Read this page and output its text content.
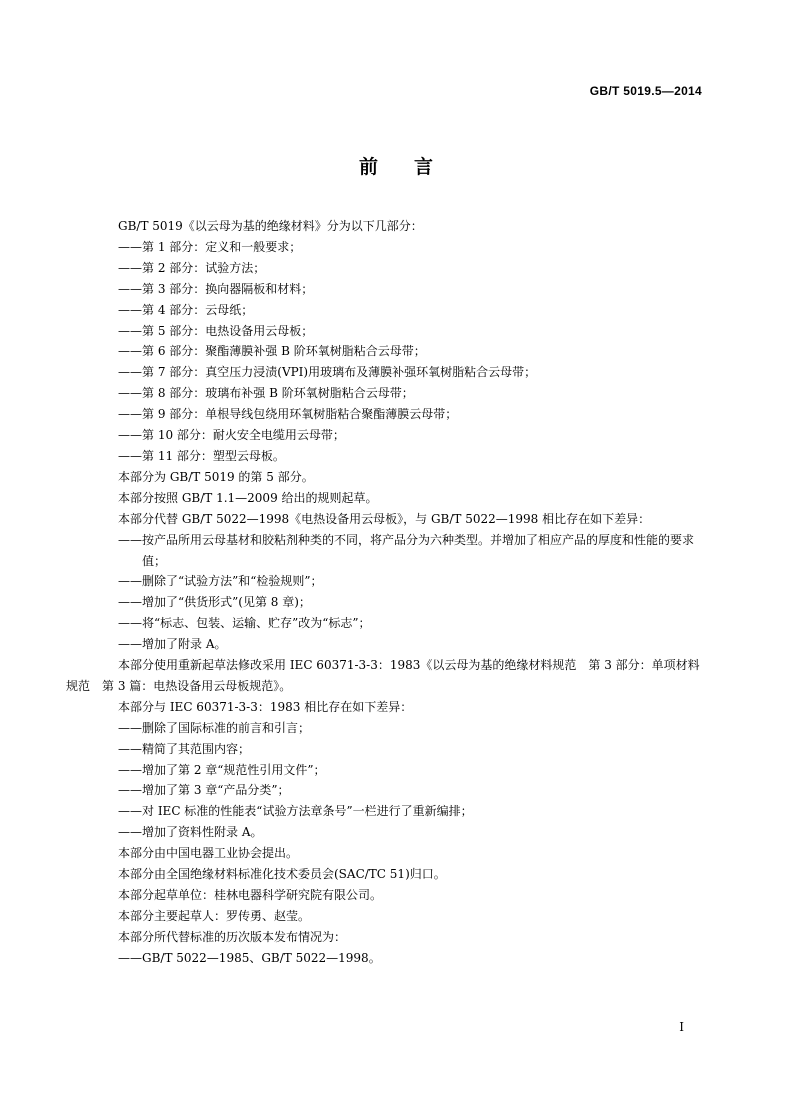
GB/T 5019.5—2014
前言

GB/T 5019《以云母为基的绝缘材料》分为以下几部分：

——第 1 部分：定义和一般要求；

——第 2 部分：试验方法；

——第 3 部分：换向器隔板和材料；

——第 4 部分：云母纸；

——第 5 部分：电热设备用云母板；

——第 6 部分：聚酯薄膜补强 B 阶环氧树脂粘合云母带；

——第 7 部分：真空压力浸渍(VPI)用玻璃布及薄膜补强环氧树脂粘合云母带；

——第 8 部分：玻璃布补强 B 阶环氧树脂粘合云母带；

——第 9 部分：单根导线包绕用环氧树脂粘合聚酯薄膜云母带；

——第 10 部分：耐火安全电缆用云母带；

——第 11 部分：塑型云母板。

本部分为 GB/T 5019 的第 5 部分。

本部分按照 GB/T 1.1—2009 给出的规则起草。

本部分代替 GB/T 5022—1998《电热设备用云母板》，与 GB/T 5022—1998 相比存在如下差异：

——按产品所用云母基材和胶粘剂种类的不同，将产品分为六种类型。并增加了相应产品的厚度和性能的要求值；

——删除了“试验方法”和“检验规则”；

——增加了“供货形式”(见第 8 章)；

——将“标志、包装、运输、贮存”改为“标志”；

——增加了附录 A。

本部分使用重新起草法修改采用 IEC 60371-3-3：1983《以云母为基的绝缘材料规范　第 3 部分：单项材料规范　第 3 篇：电热设备用云母板规范》。

本部分与 IEC 60371-3-3：1983 相比存在如下差异：

——删除了国际标准的前言和引言；

——精简了其范围内容；

——增加了第 2 章“规范性引用文件”；

——增加了第 3 章“产品分类”；

——对 IEC 标准的性能表“试验方法章条号”一栏进行了重新编排；

——增加了资料性附录 A。

本部分由中国电器工业协会提出。

本部分由全国绝缘材料标准化技术委员会(SAC/TC 51)归口。

本部分起草单位：桂林电器科学研究院有限公司。

本部分主要起草人：罗传勇、赵莹。

本部分所代替标准的历次版本发布情况为：

——GB/T 5022—1985、GB/T 5022—1998。

I
